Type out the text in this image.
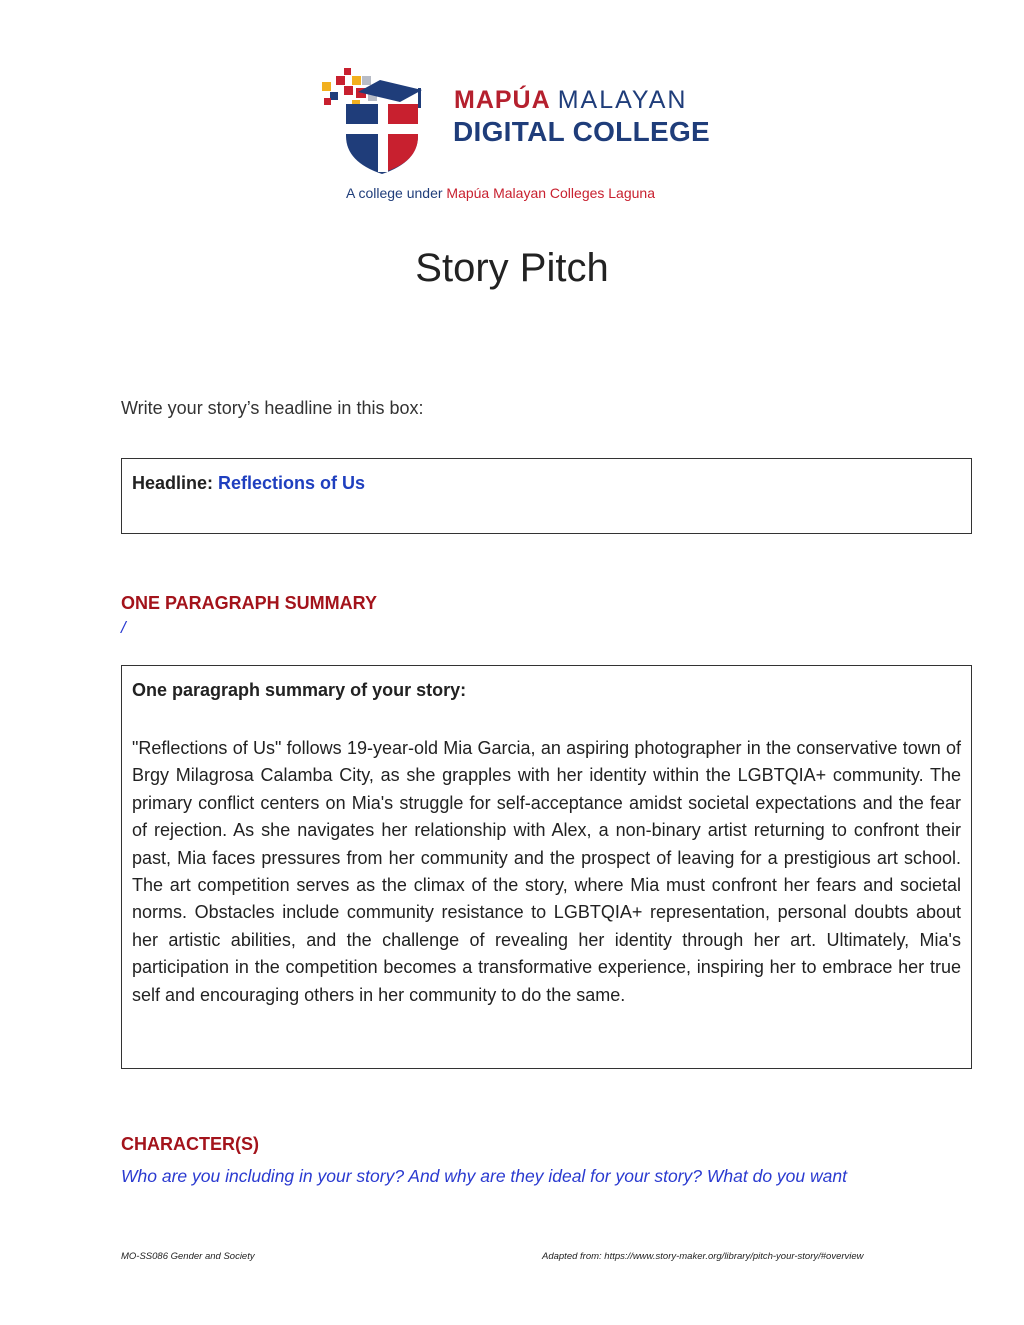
MAPÚA MALAYAN
DIGITAL COLLEGE
A college under Mapúa Malayan Colleges Laguna
Story Pitch
Write your story’s headline in this box:
Headline: Reflections of Us
ONE PARAGRAPH SUMMARY
/
One paragraph summary of your story:
"Reflections of Us" follows 19-year-old Mia Garcia, an aspiring photographer in the conservative town of Brgy Milagrosa Calamba City, as she grapples with her identity within the LGBTQIA+ community. The primary conflict centers on Mia's struggle for self-acceptance amidst societal expectations and the fear of rejection. As she navigates her relationship with Alex, a non-binary artist returning to confront their past, Mia faces pressures from her community and the prospect of leaving for a prestigious art school. The art competition serves as the climax of the story, where Mia must confront her fears and societal norms. Obstacles include community resistance to LGBTQIA+ representation, personal doubts about her artistic abilities, and the challenge of revealing her identity through her art. Ultimately, Mia's participation in the competition becomes a transformative experience, inspiring her to embrace her true self and encouraging others in her community to do the same.
CHARACTER(S)
Who are you including in your story? And why are they ideal for your story? What do you want
MO-SS086 Gender and Society	Adapted from: https://www.story-maker.org/library/pitch-your-story/#overview
